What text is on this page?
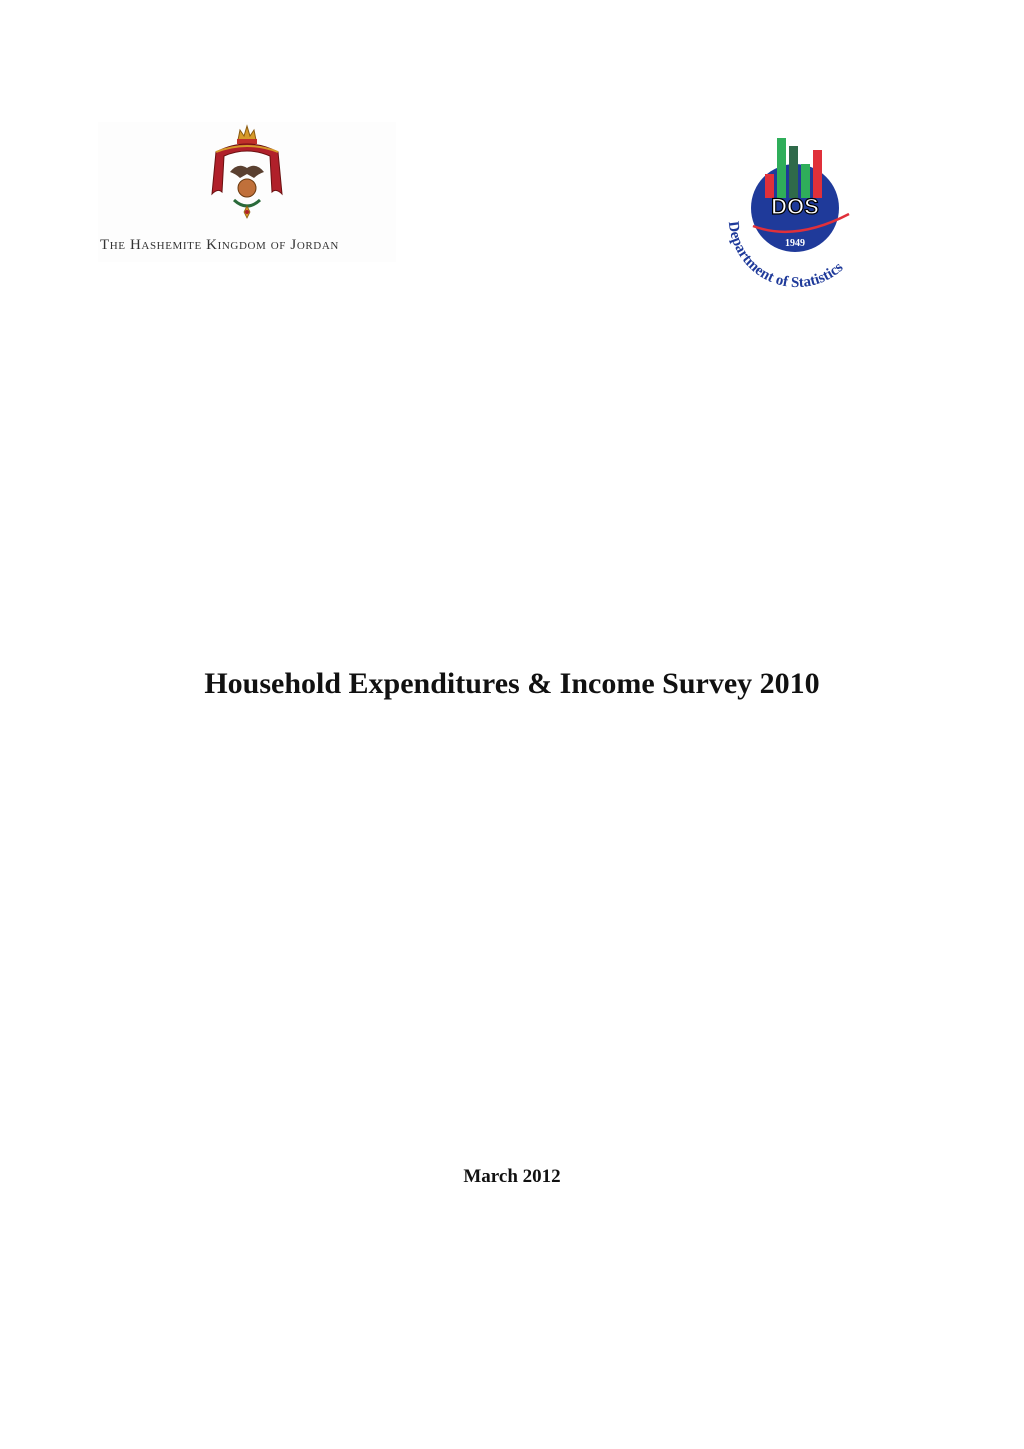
The Hashemite Kingdom of Jordan
DOS
1949
Department of Statistics
Household Expenditures & Income Survey 2010
March 2012
